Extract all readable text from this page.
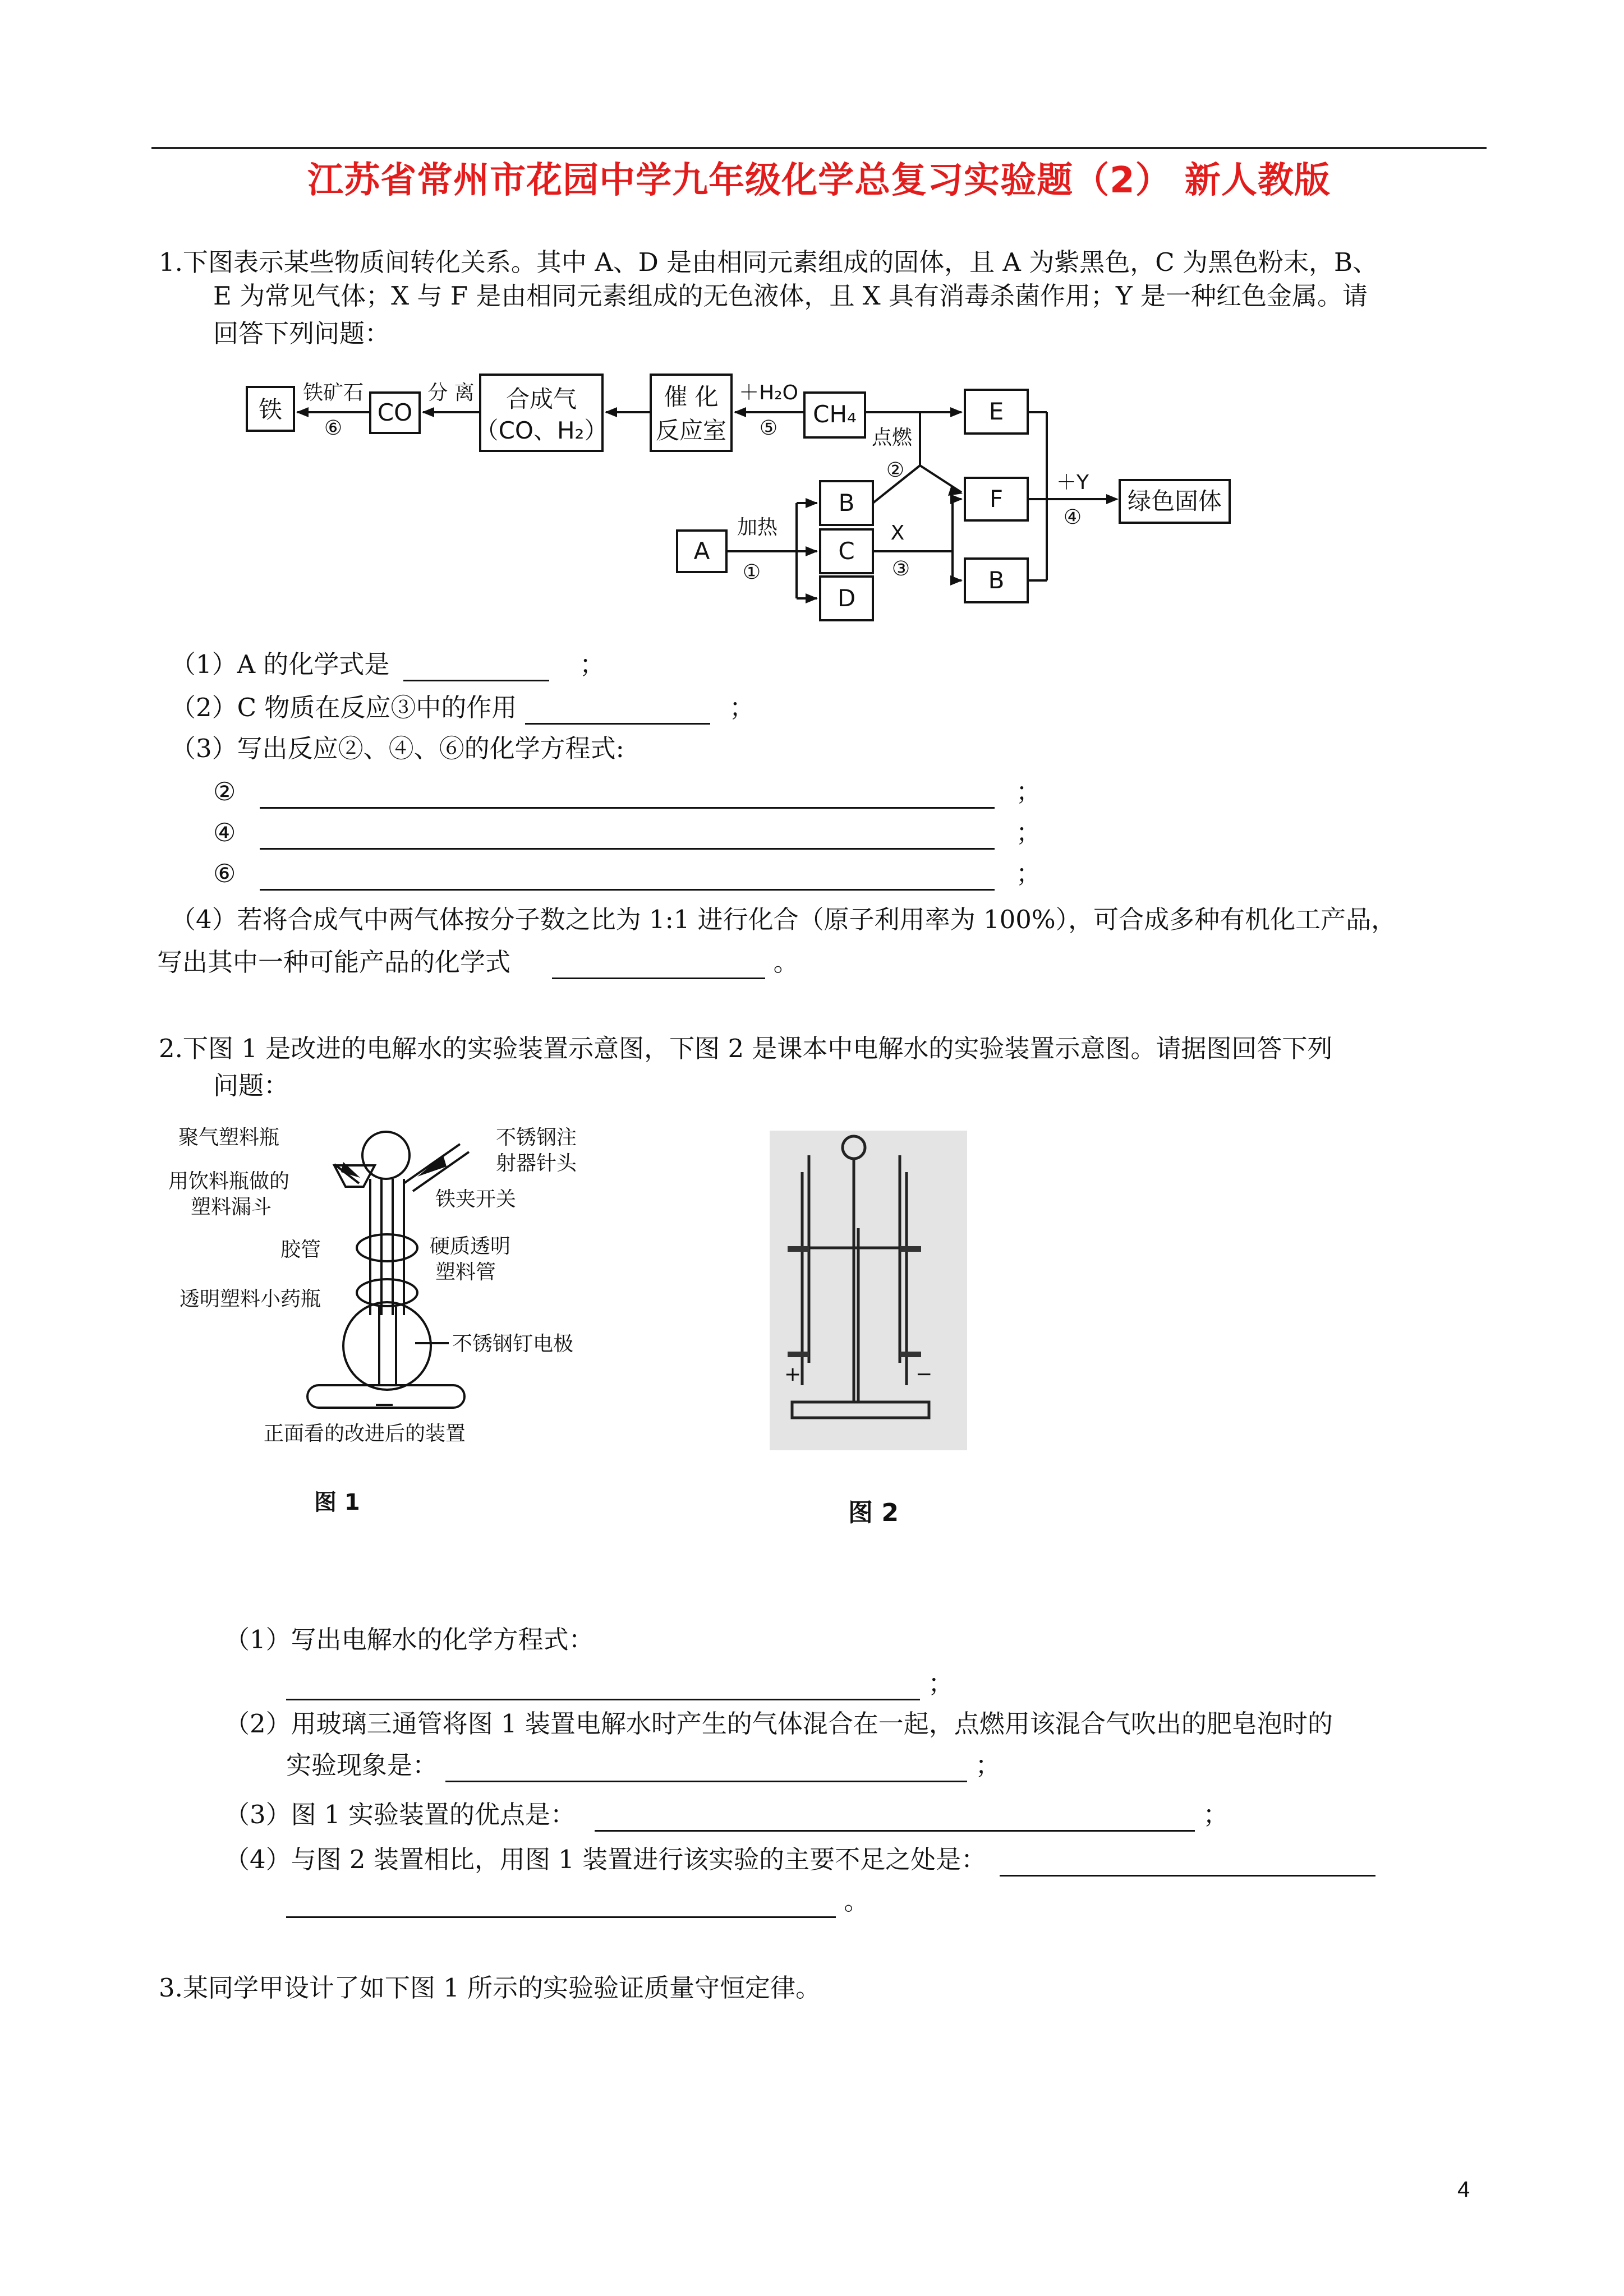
江苏省常州市花园中学九年级化学总复习实验题（2） 新人教版
1.下图表示某些物质间转化关系。其中 A、D 是由相同元素组成的固体，且 A 为紫黑色，C 为黑色粉末，B、
E 为常见气体；X 与 F 是由相同元素组成的无色液体，且 X 具有消毒杀菌作用；Y 是一种红色金属。请
回答下列问题：
铁	CO	合成气
（CO、H₂）
催 化
反应室
CH₄	E
F
B
C
D
A
B
绿色固体
铁矿石
⑥
分 离	＋H₂O
⑤	点燃
②
加热
①
X
③
＋Y
④
（1）A 的化学式是	；
（2）C 物质在反应③中的作用	；
（3）写出反应②、④、⑥的化学方程式:
②	；
④	；
⑥	；
（4）若将合成气中两气体按分子数之比为 1:1 进行化合（原子利用率为 100%），可合成多种有机化工产品，
写出其中一种可能产品的化学式	。
2.下图 1 是改进的电解水的实验装置示意图，下图 2 是课本中电解水的实验装置示意图。请据图回答下列
问题：
聚气塑料瓶
用饮料瓶做的
塑料漏斗
胶管
透明塑料小药瓶
不锈钢注
射器针头
铁夹开关
硬质透明
塑料管
不锈钢钉电极
正面看的改进后的装置
图 1
+	−
图 2
（1）写出电解水的化学方程式：
；
（2）用玻璃三通管将图 1 装置电解水时产生的气体混合在一起，点燃用该混合气吹出的肥皂泡时的
实验现象是：	；
（3）图 1 实验装置的优点是：	；
（4）与图 2 装置相比，用图 1 装置进行该实验的主要不足之处是：
。
3.某同学甲设计了如下图 1 所示的实验验证质量守恒定律。
4
